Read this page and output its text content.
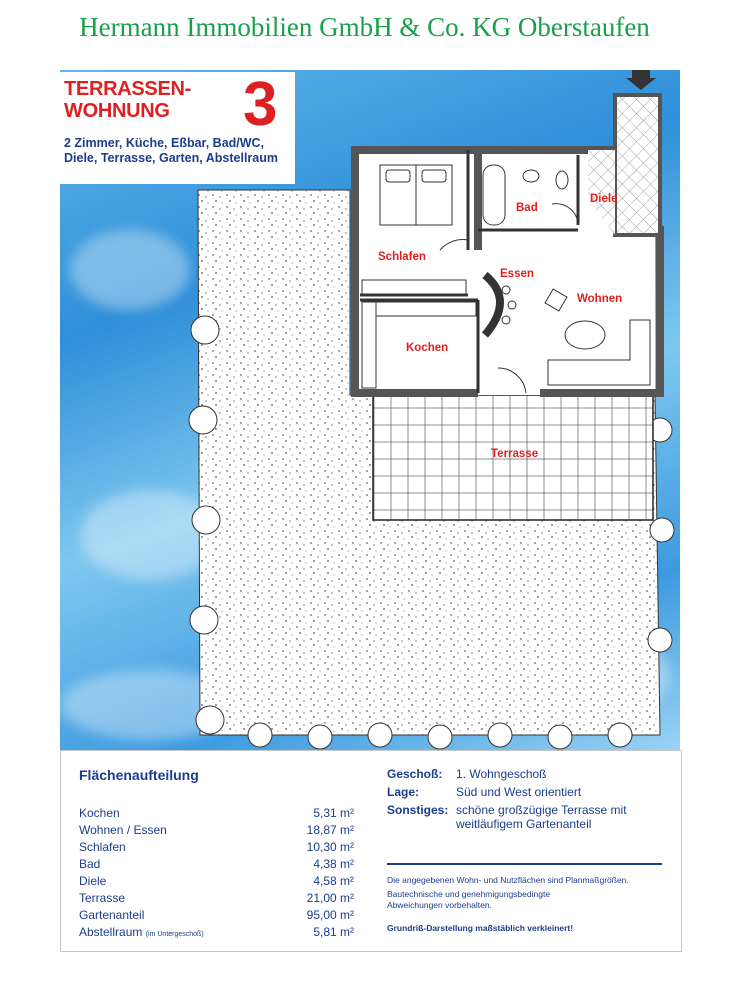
Hermann Immobilien GmbH & Co. KG Oberstaufen
TERRASSEN-
WOHNUNG 3
2 Zimmer, Küche, Eßbar, Bad/WC, Diele, Terrasse, Garten, Abstellraum
Schlafen
Bad
Diele
Essen
Wohnen
Kochen
Terrasse
Flächenaufteilung
Kochen	5,31 m²
Wohnen / Essen	18,87 m²
Schlafen	10,30 m²
Bad	4,38 m²
Diele	4,58 m²
Terrasse	21,00 m²
Gartenanteil	95,00 m²
Abstellraum (im Untergeschoß)	5,81 m²
Geschoß: 1. Wohngeschoß
Lage:	Süd und West orientiert
Sonstiges: schöne großzügige Terrasse mit weitläufigem Gartenanteil
Die angegebenen Wohn- und Nutzflächen sind Planmaßgrößen.
Bautechnische und genehmigungsbedingte Abweichungen vorbehalten.
Grundriß-Darstellung maßstäblich verkleinert!
